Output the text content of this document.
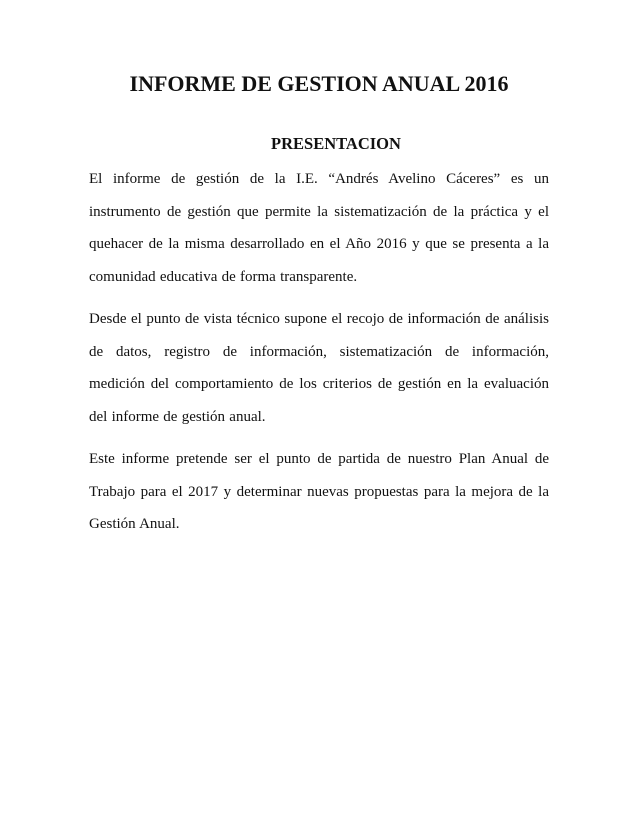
INFORME DE GESTION ANUAL 2016
PRESENTACION

El informe de gestión de la I.E. “Andrés Avelino Cáceres” es un instrumento de gestión que permite la sistematización de la práctica y el quehacer de la misma desarrollado en el Año 2016 y que se presenta a la comunidad educativa de forma transparente.

Desde el punto de vista técnico supone el recojo de información de análisis de datos, registro de información, sistematización de información, medición del comportamiento de los criterios de gestión en la evaluación del informe de gestión anual.

Este informe pretende ser el punto de partida de nuestro Plan Anual de Trabajo para el 2017 y determinar nuevas propuestas para la mejora de la Gestión Anual.
